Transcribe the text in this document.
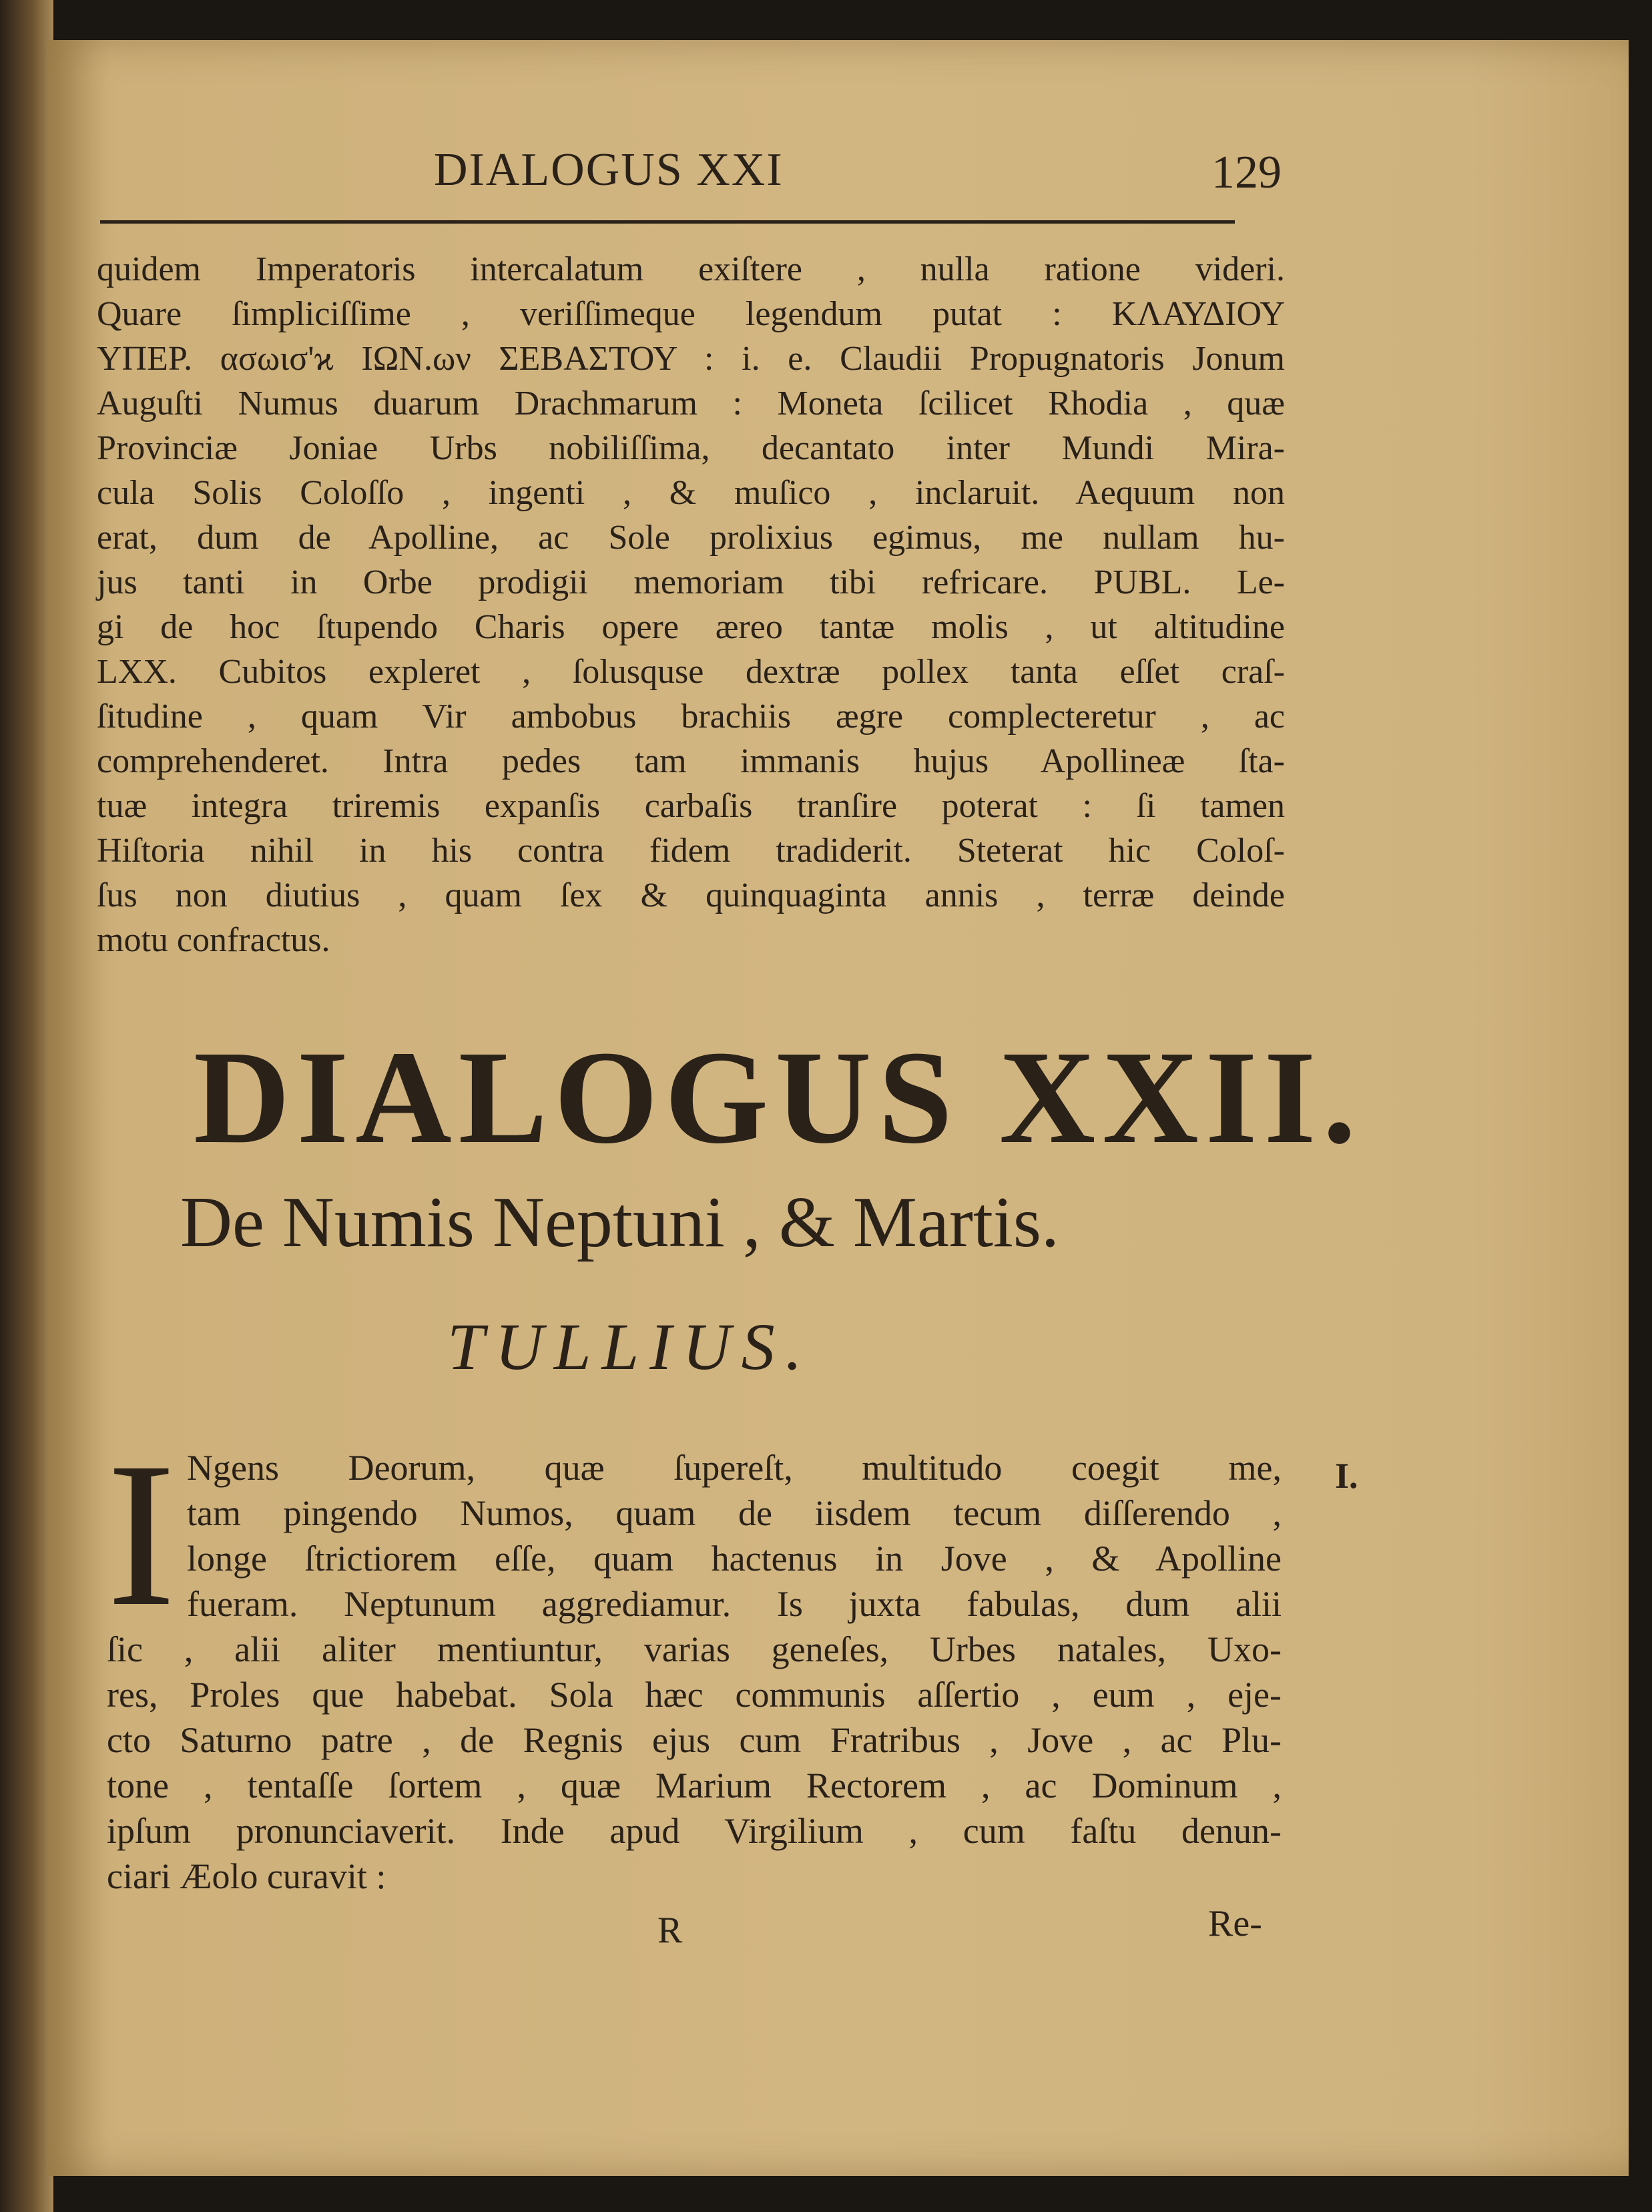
DIALOGUS XXI	129
quidem Imperatoris intercalatum exiſtere , nulla ratione videri.
Quare ſimpliciſſime , veriſſimeque legendum putat : ΚΛΑΥΔΙΟΥ
ΥΠΕΡ. ασωισ'ϰ ΙΩΝ.ων ΣΕΒΑΣΤΟΥ : i. e. Claudii Propugnatoris Jonum
Auguſti Numus duarum Drachmarum : Moneta ſcilicet Rhodia , quæ
Provinciæ Joniae Urbs nobiliſſima, decantato inter Mundi Mira-
cula Solis Coloſſo , ingenti , & muſico , inclaruit. Aequum non
erat, dum de Apolline, ac Sole prolixius egimus, me nullam hu-
jus tanti in Orbe prodigii memoriam tibi refricare. PUBL. Le-
gi de hoc ſtupendo Charis opere æreo tantæ molis , ut altitudine
LXX. Cubitos expleret , ſolusquse dextræ pollex tanta eſſet craſ-
ſitudine , quam Vir ambobus brachiis ægre complecteretur , ac
comprehenderet. Intra pedes tam immanis hujus Apollineæ ſta-
tuæ integra triremis expanſis carbaſis tranſire poterat : ſi tamen
Hiſtoria nihil in his contra fidem tradiderit. Steterat hic Coloſ-
ſus non diutius , quam ſex & quinquaginta annis , terræ deinde
motu confractus.
DIALOGUS XXII.
De Numis Neptuni , & Martis.
TULLIUS.
I Ngens Deorum, quæ ſupereſt, multitudo coegit me,
tam pingendo Numos, quam de iisdem tecum diſſerendo ,
longe ſtrictiorem eſſe, quam hactenus in Jove , & Apolline
fueram. Neptunum aggrediamur. Is juxta fabulas, dum alii
ſic , alii aliter mentiuntur, varias geneſes, Urbes natales, Uxo-
res, Proles que habebat. Sola hæc communis aſſertio , eum , eje-
cto Saturno patre , de Regnis ejus cum Fratribus , Jove , ac Plu-
tone , tentaſſe ſortem , quæ Marium Rectorem , ac Dominum ,
ipſum pronunciaverit. Inde apud Virgilium , cum faſtu denun-
ciari Æolo curavit :
I.
R	Re-
